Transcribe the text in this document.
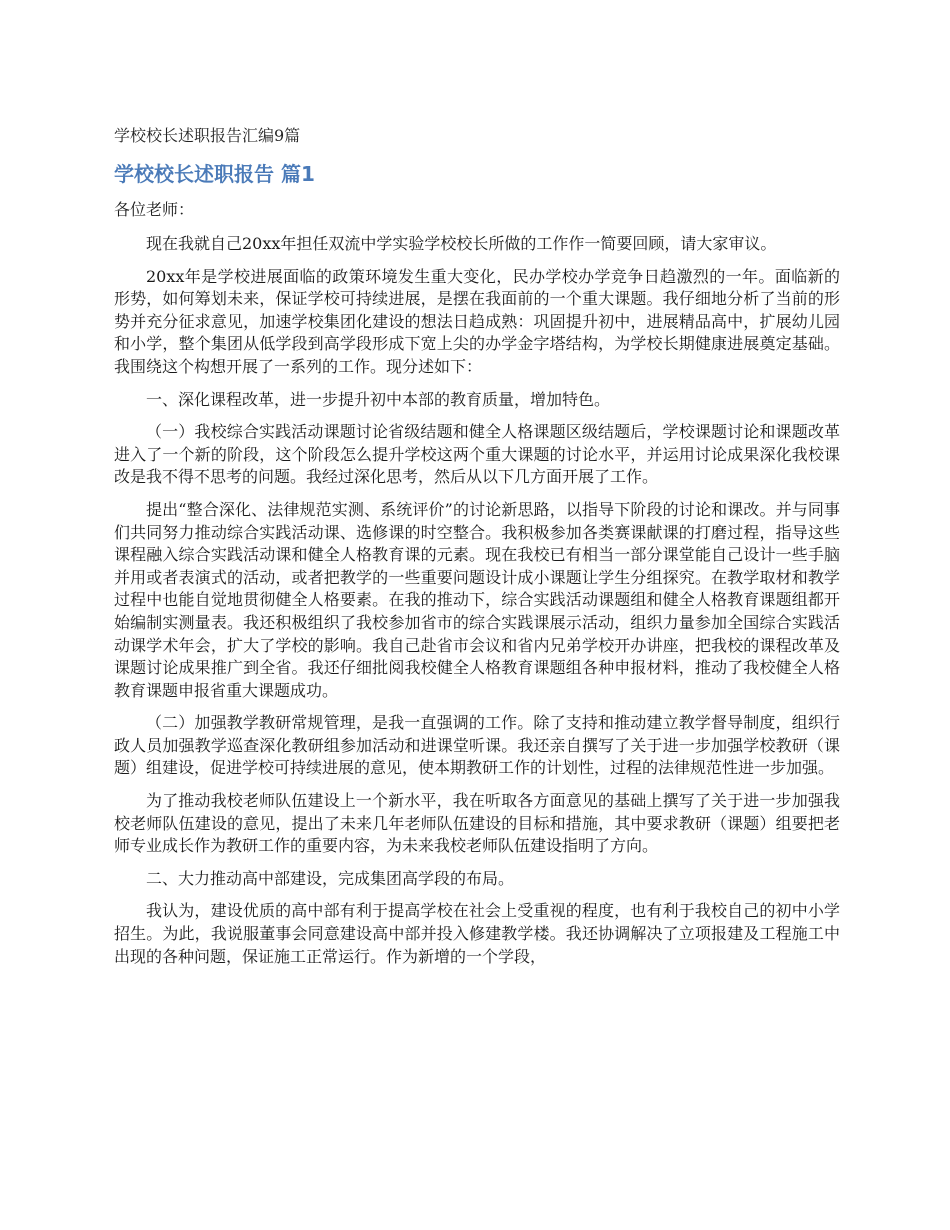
学校校长述职报告汇编9篇
学校校长述职报告 篇1
各位老师：

现在我就自己20xx年担任双流中学实验学校校长所做的工作作一简要回顾，请大家审议。

20xx年是学校进展面临的政策环境发生重大变化，民办学校办学竞争日趋激烈的一年。面临新的形势，如何筹划未来，保证学校可持续进展，是摆在我面前的一个重大课题。我仔细地分析了当前的形势并充分征求意见，加速学校集团化建设的想法日趋成熟：巩固提升初中，进展精品高中，扩展幼儿园和小学，整个集团从低学段到高学段形成下宽上尖的办学金字塔结构，为学校长期健康进展奠定基础。我围绕这个构想开展了一系列的工作。现分述如下：

一、深化课程改革，进一步提升初中本部的教育质量，增加特色。

（一）我校综合实践活动课题讨论省级结题和健全人格课题区级结题后，学校课题讨论和课题改革进入了一个新的阶段，这个阶段怎么提升学校这两个重大课题的讨论水平，并运用讨论成果深化我校课改是我不得不思考的问题。我经过深化思考，然后从以下几方面开展了工作。

提出“整合深化、法律规范实测、系统评价”的讨论新思路，以指导下阶段的讨论和课改。并与同事们共同努力推动综合实践活动课、选修课的时空整合。我积极参加各类赛课献课的打磨过程，指导这些课程融入综合实践活动课和健全人格教育课的元素。现在我校已有相当一部分课堂能自己设计一些手脑并用或者表演式的活动，或者把教学的一些重要问题设计成小课题让学生分组探究。在教学取材和教学过程中也能自觉地贯彻健全人格要素。在我的推动下，综合实践活动课题组和健全人格教育课题组都开始编制实测量表。我还积极组织了我校参加省市的综合实践课展示活动，组织力量参加全国综合实践活动课学术年会，扩大了学校的影响。我自己赴省市会议和省内兄弟学校开办讲座，把我校的课程改革及课题讨论成果推广到全省。我还仔细批阅我校健全人格教育课题组各种申报材料，推动了我校健全人格教育课题申报省重大课题成功。

（二）加强教学教研常规管理，是我一直强调的工作。除了支持和推动建立教学督导制度，组织行政人员加强教学巡查深化教研组参加活动和进课堂听课。我还亲自撰写了关于进一步加强学校教研（课题）组建设，促进学校可持续进展的意见，使本期教研工作的计划性，过程的法律规范性进一步加强。

为了推动我校老师队伍建设上一个新水平，我在听取各方面意见的基础上撰写了关于进一步加强我校老师队伍建设的意见，提出了未来几年老师队伍建设的目标和措施，其中要求教研（课题）组要把老师专业成长作为教研工作的重要内容，为未来我校老师队伍建设指明了方向。

二、大力推动高中部建设，完成集团高学段的布局。

我认为，建设优质的高中部有利于提高学校在社会上受重视的程度，也有利于我校自己的初中小学招生。为此，我说服董事会同意建设高中部并投入修建教学楼。我还协调解决了立项报建及工程施工中出现的各种问题，保证施工正常运行。作为新增的一个学段，
